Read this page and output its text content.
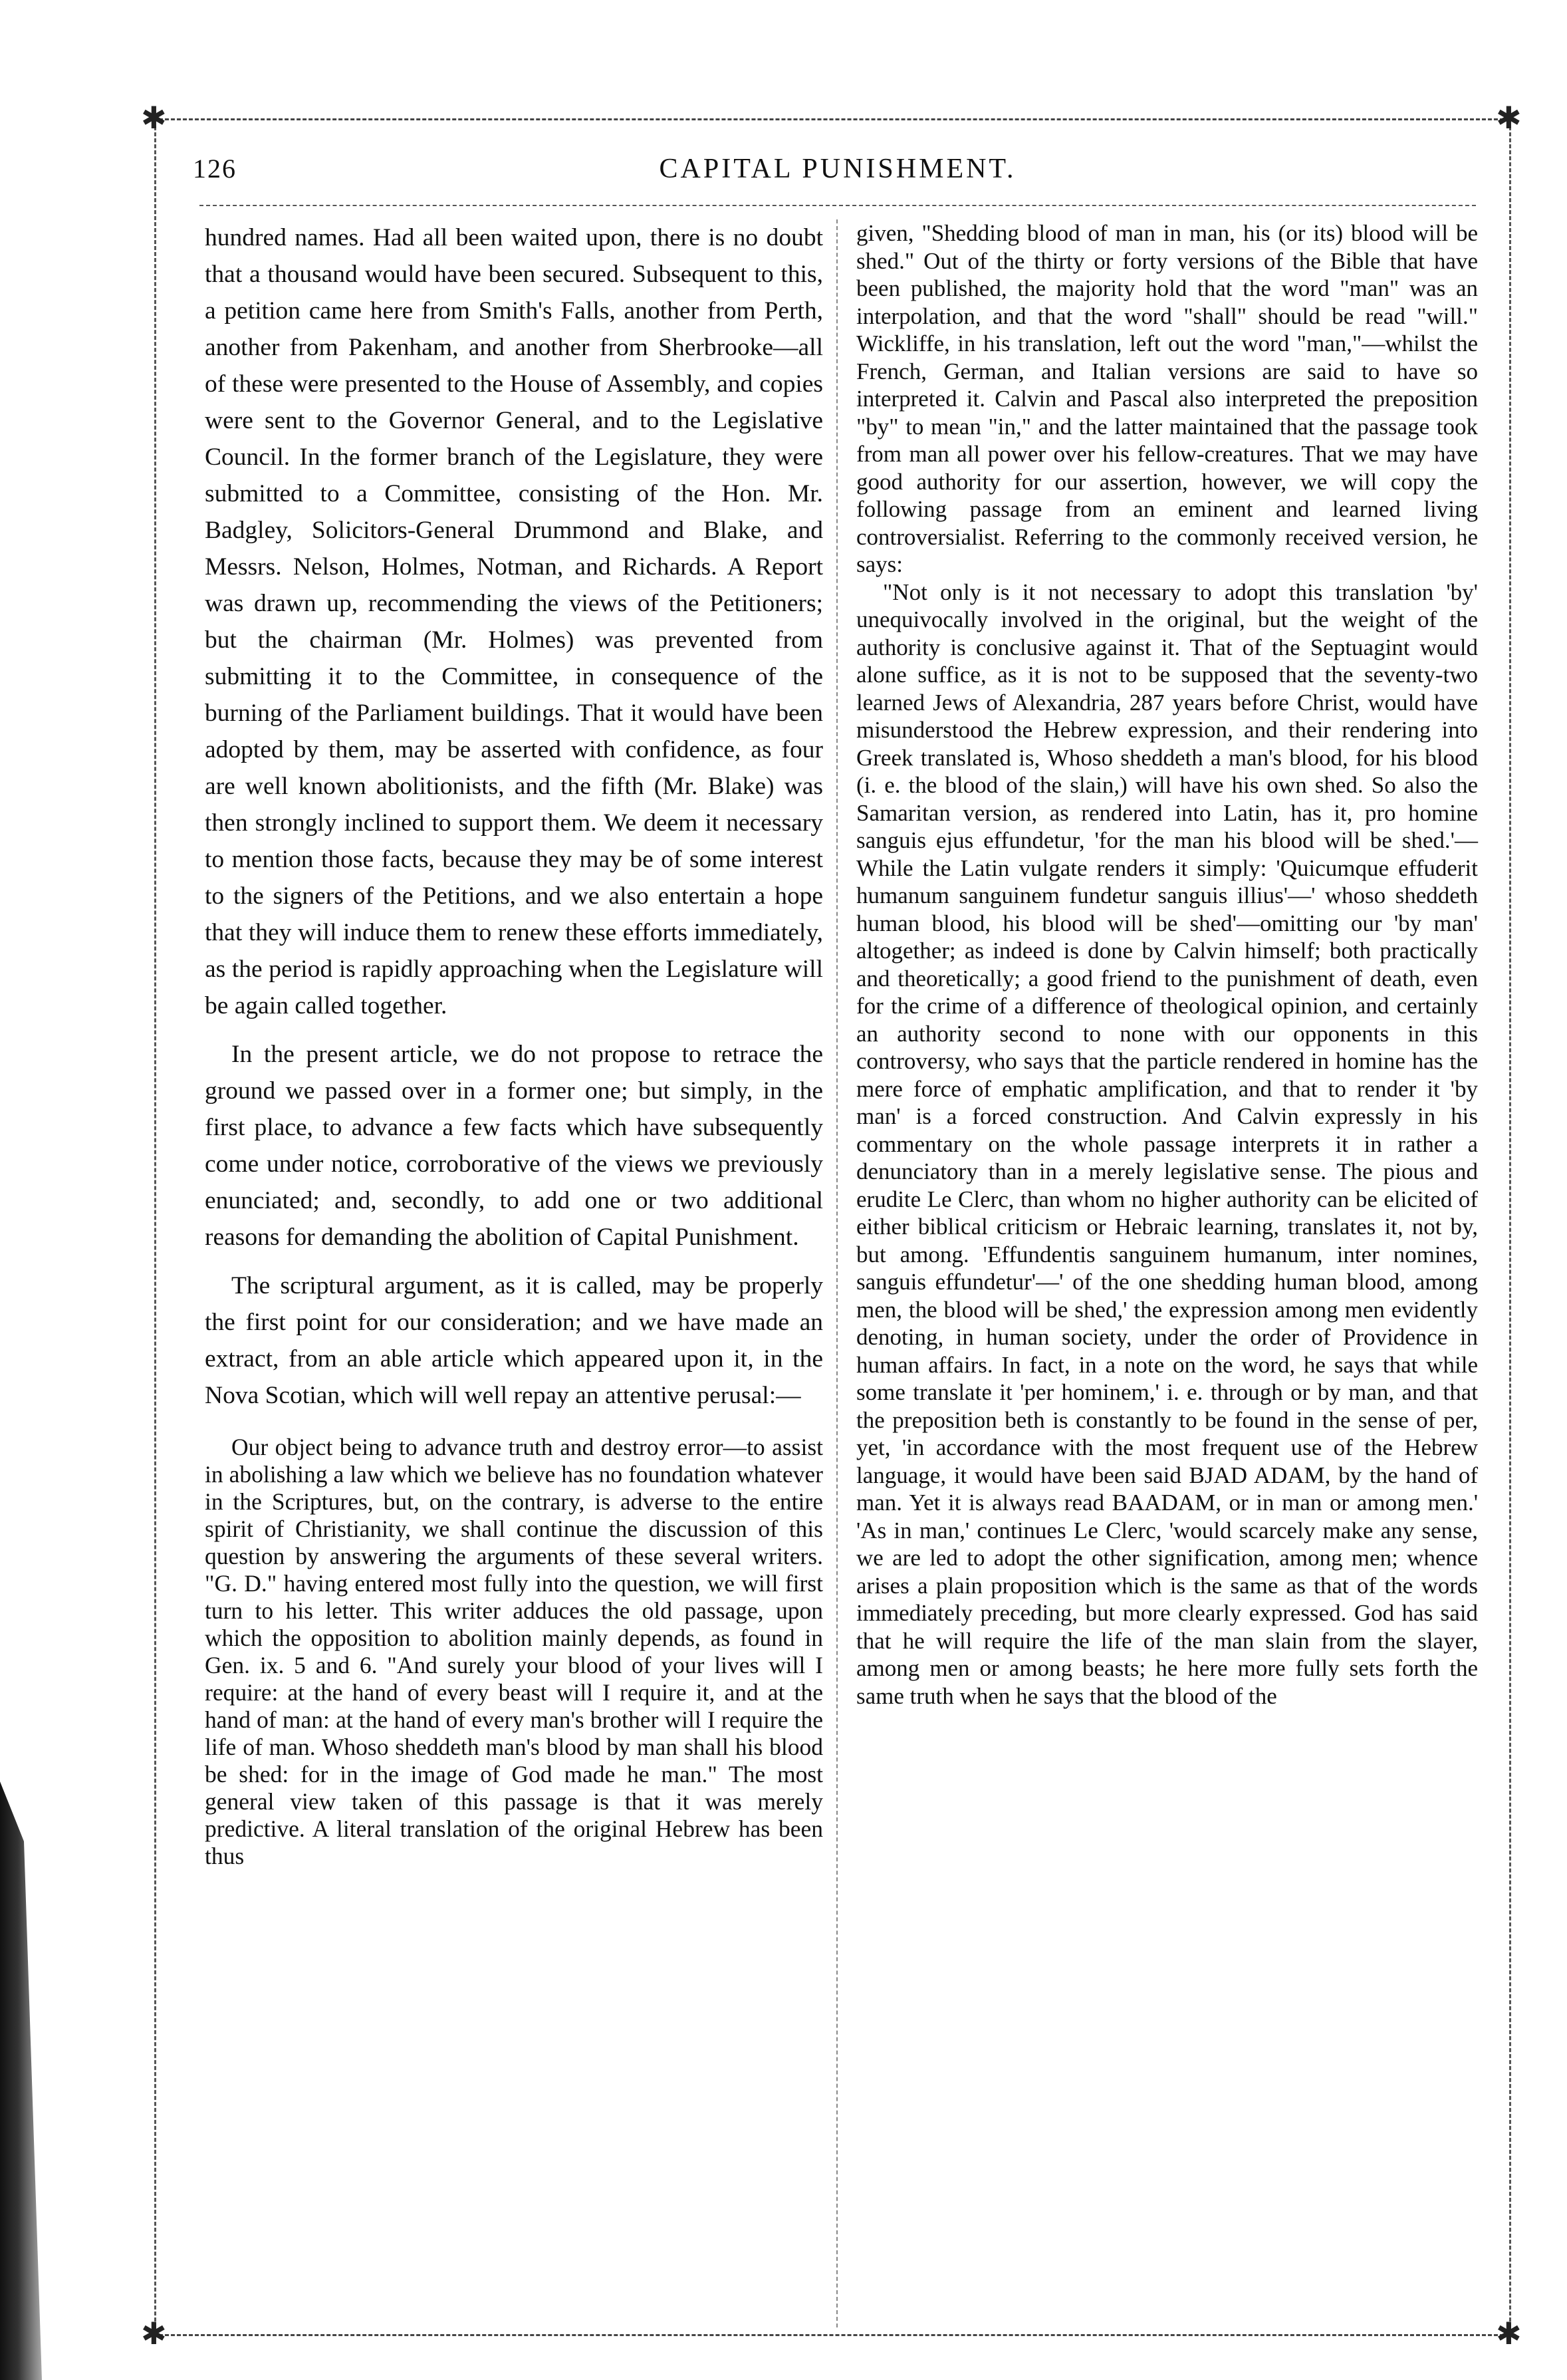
✱	✱
✱	✱
126	CAPITAL PUNISHMENT.

hundred names. Had all been waited upon, there is no doubt that a thousand would have been secured. Subsequent to this, a petition came here from Smith's Falls, another from Perth, another from Pakenham, and another from Sherbrooke—all of these were presented to the House of Assembly, and copies were sent to the Governor General, and to the Legislative Council. In the former branch of the Legislature, they were submitted to a Committee, consisting of the Hon. Mr. Badgley, Solicitors-General Drummond and Blake, and Messrs. Nelson, Holmes, Notman, and Richards. A Report was drawn up, recommending the views of the Petitioners; but the chairman (Mr. Holmes) was prevented from submitting it to the Committee, in consequence of the burning of the Parliament buildings. That it would have been adopted by them, may be asserted with confidence, as four are well known abolitionists, and the fifth (Mr. Blake) was then strongly inclined to support them. We deem it necessary to mention those facts, because they may be of some interest to the signers of the Petitions, and we also entertain a hope that they will induce them to renew these efforts immediately, as the period is rapidly approaching when the Legislature will be again called together.

In the present article, we do not propose to retrace the ground we passed over in a former one; but simply, in the first place, to advance a few facts which have subsequently come under notice, corroborative of the views we previously enunciated; and, secondly, to add one or two additional reasons for demanding the abolition of Capital Punishment.

The scriptural argument, as it is called, may be properly the first point for our consideration; and we have made an extract, from an able article which appeared upon it, in the Nova Scotian, which will well repay an attentive perusal:—

Our object being to advance truth and destroy error—to assist in abolishing a law which we believe has no foundation whatever in the Scriptures, but, on the contrary, is adverse to the entire spirit of Christianity, we shall continue the discussion of this question by answering the arguments of these several writers. "G. D." having entered most fully into the question, we will first turn to his letter. This writer adduces the old passage, upon which the opposition to abolition mainly depends, as found in Gen. ix. 5 and 6. "And surely your blood of your lives will I require: at the hand of every beast will I require it, and at the hand of man: at the hand of every man's brother will I require the life of man. Whoso sheddeth man's blood by man shall his blood be shed: for in the image of God made he man." The most general view taken of this passage is that it was merely predictive. A literal translation of the original Hebrew has been thus

given, "Shedding blood of man in man, his (or its) blood will be shed." Out of the thirty or forty versions of the Bible that have been published, the majority hold that the word "man" was an interpolation, and that the word "shall" should be read "will." Wickliffe, in his translation, left out the word "man,"—whilst the French, German, and Italian versions are said to have so interpreted it. Calvin and Pascal also interpreted the preposition "by" to mean "in," and the latter maintained that the passage took from man all power over his fellow-creatures. That we may have good authority for our assertion, however, we will copy the following passage from an eminent and learned living controversialist. Referring to the commonly received version, he says:

"Not only is it not necessary to adopt this translation 'by' unequivocally involved in the original, but the weight of the authority is conclusive against it. That of the Septuagint would alone suffice, as it is not to be supposed that the seventy-two learned Jews of Alexandria, 287 years before Christ, would have misunderstood the Hebrew expression, and their rendering into Greek translated is, Whoso sheddeth a man's blood, for his blood (i. e. the blood of the slain,) will have his own shed. So also the Samaritan version, as rendered into Latin, has it, pro homine sanguis ejus effundetur, 'for the man his blood will be shed.'—While the Latin vulgate renders it simply: 'Quicumque effuderit humanum sanguinem fundetur sanguis illius'—' whoso sheddeth human blood, his blood will be shed'—omitting our 'by man' altogether; as indeed is done by Calvin himself; both practically and theoretically; a good friend to the punishment of death, even for the crime of a difference of theological opinion, and certainly an authority second to none with our opponents in this controversy, who says that the particle rendered in homine has the mere force of emphatic amplification, and that to render it 'by man' is a forced construction. And Calvin expressly in his commentary on the whole passage interprets it in rather a denunciatory than in a merely legislative sense. The pious and erudite Le Clerc, than whom no higher authority can be elicited of either biblical criticism or Hebraic learning, translates it, not by, but among. 'Effundentis sanguinem humanum, inter nomines, sanguis effundetur'—' of the one shedding human blood, among men, the blood will be shed,' the expression among men evidently denoting, in human society, under the order of Providence in human affairs. In fact, in a note on the word, he says that while some translate it 'per hominem,' i. e. through or by man, and that the preposition beth is constantly to be found in the sense of per, yet, 'in accordance with the most frequent use of the Hebrew language, it would have been said BJAD ADAM, by the hand of man. Yet it is always read BAADAM, or in man or among men.' 'As in man,' continues Le Clerc, 'would scarcely make any sense, we are led to adopt the other signification, among men; whence arises a plain proposition which is the same as that of the words immediately preceding, but more clearly expressed. God has said that he will require the life of the man slain from the slayer, among men or among beasts; he here more fully sets forth the same truth when he says that the blood of the
